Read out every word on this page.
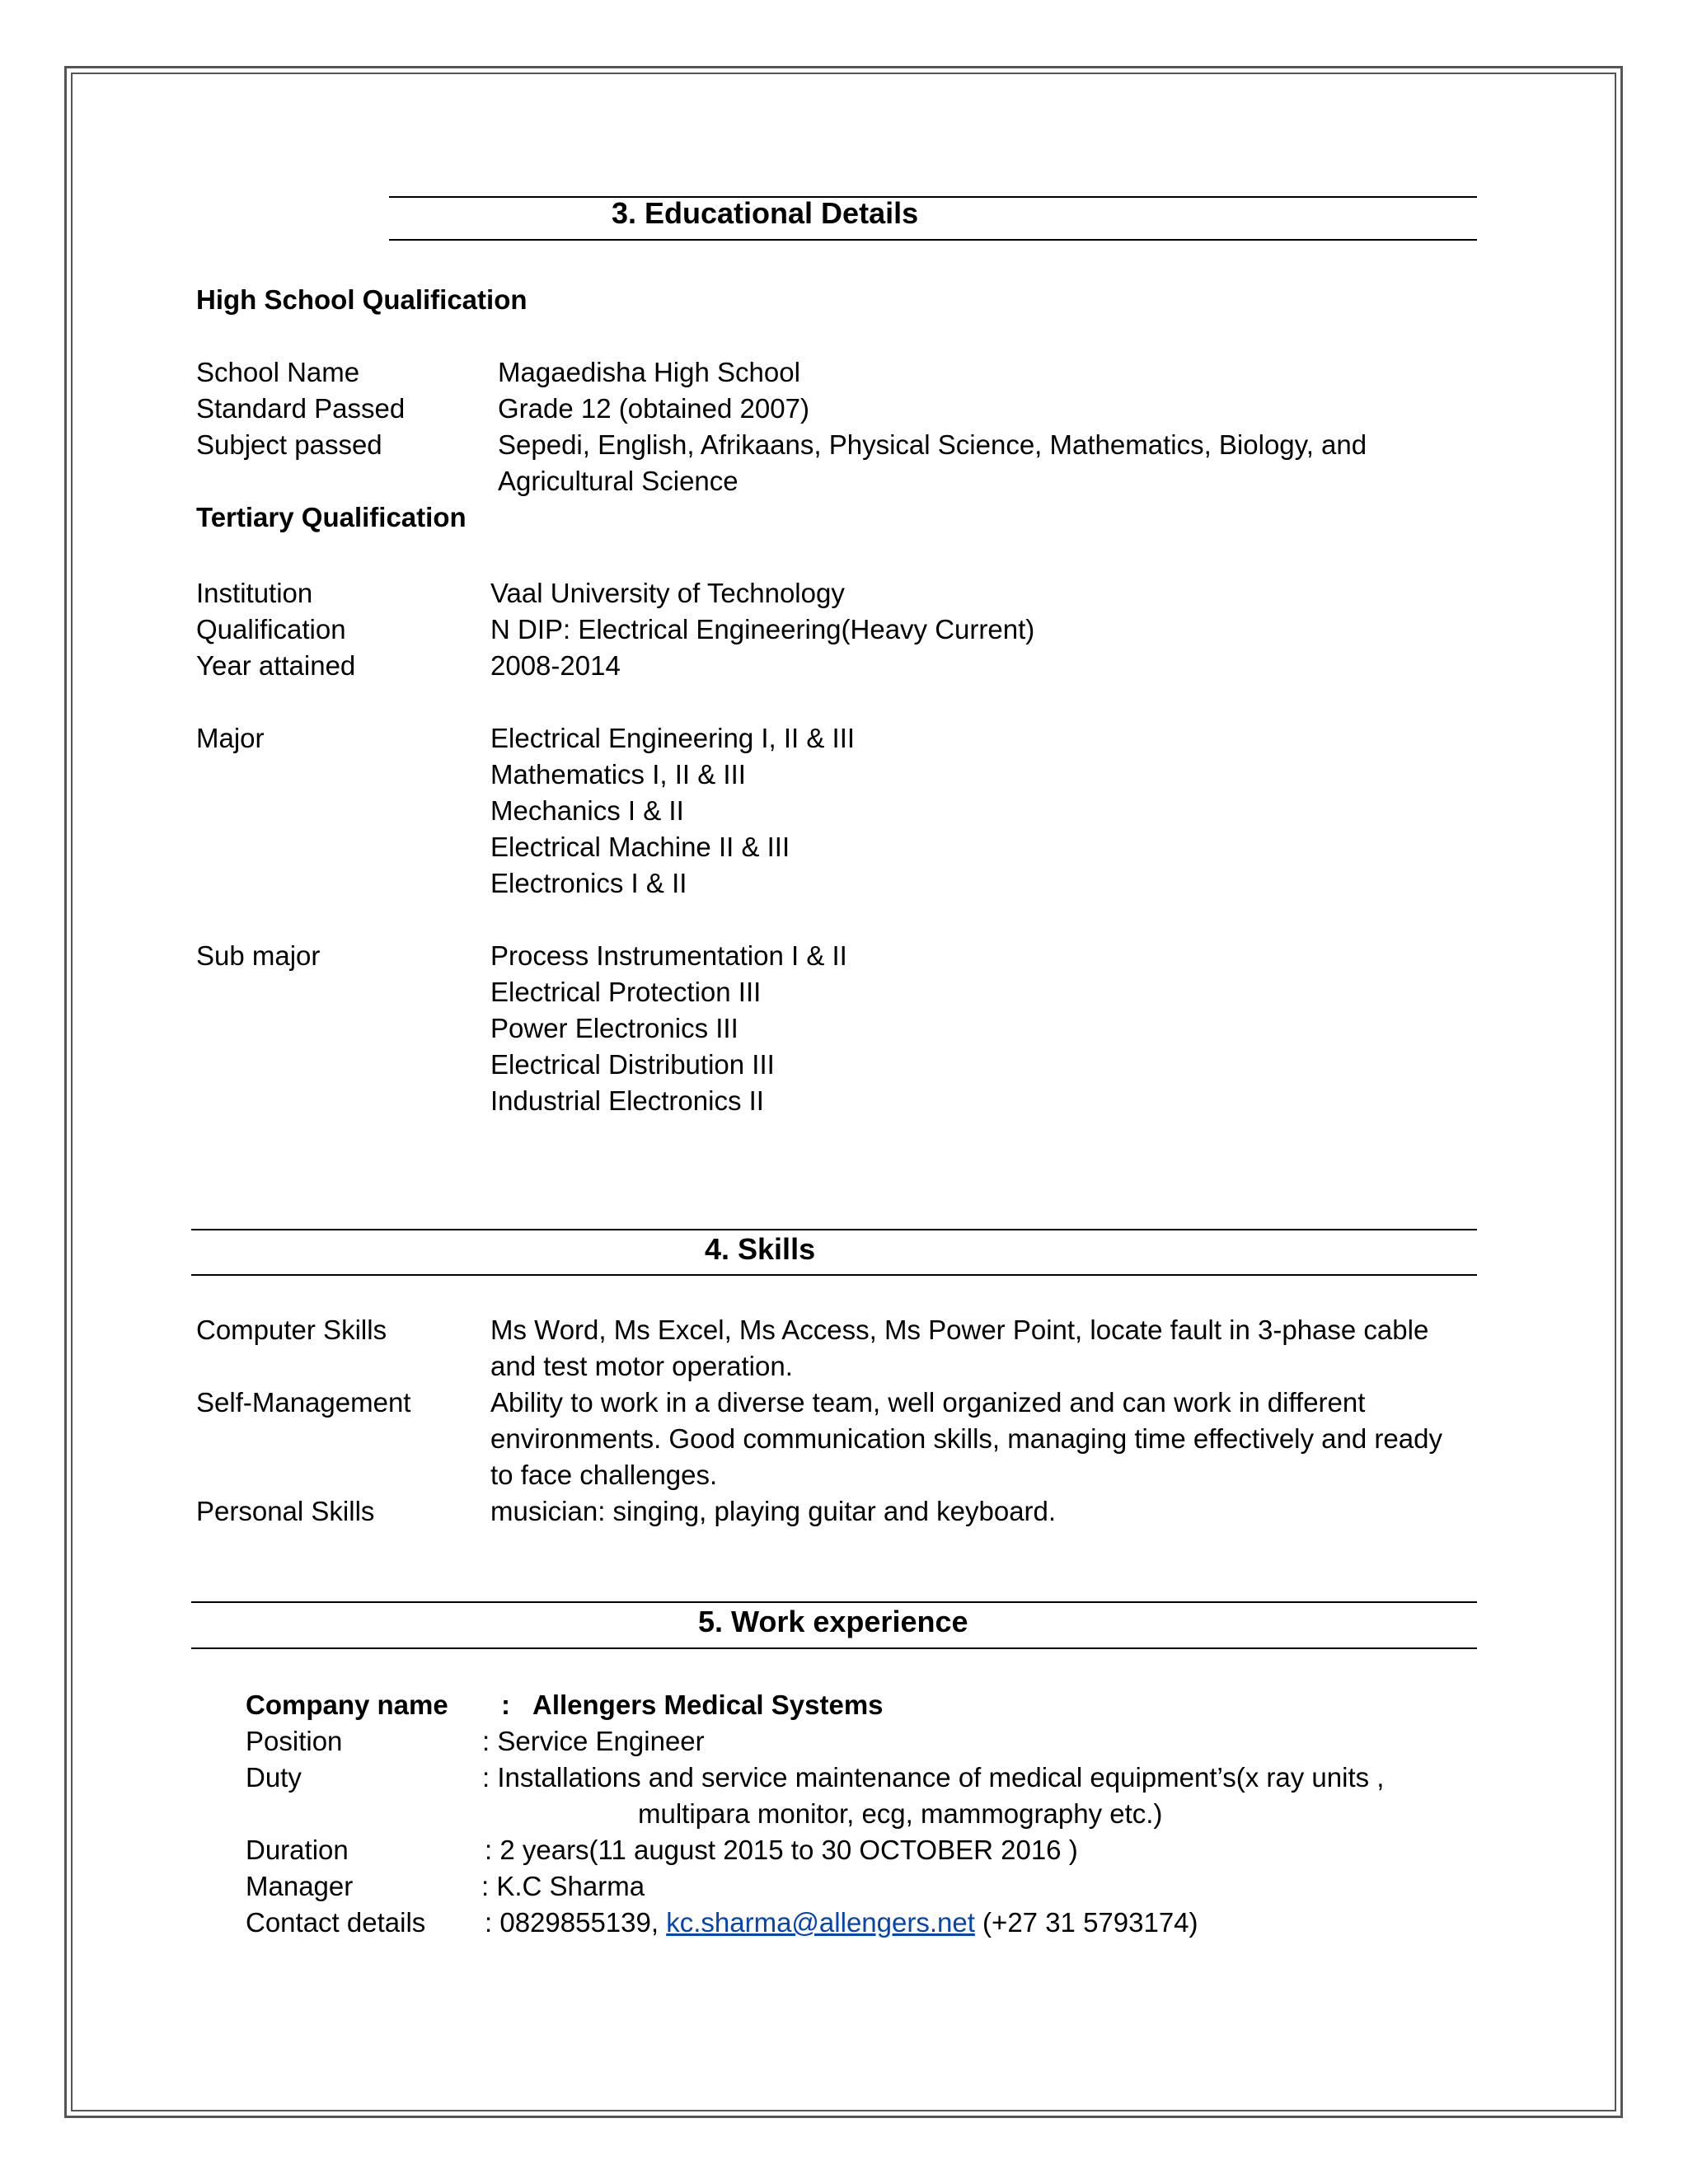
3. Educational Details
High School Qualification
School Name	Magaedisha High School
Standard Passed	Grade 12 (obtained 2007)
Subject passed	Sepedi, English, Afrikaans, Physical Science, Mathematics, Biology, and
Agricultural Science
Tertiary Qualification
Institution	Vaal University of Technology
Qualification	N DIP: Electrical Engineering(Heavy Current)
Year attained	2008-2014
Major	Electrical Engineering I, II & III
Mathematics I, II & III
Mechanics I & II
Electrical Machine II & III
Electronics I & II
Sub major	Process Instrumentation I & II
Electrical Protection III
Power Electronics III
Electrical Distribution III
Industrial Electronics II
4. Skills
Computer Skills	Ms Word, Ms Excel, Ms Access, Ms Power Point, locate fault in 3-phase cable
and test motor operation.
Self-Management	Ability to work in a diverse team, well organized and can work in different
environments. Good communication skills, managing time effectively and ready
to face challenges.
Personal Skills	musician: singing, playing guitar and keyboard.
5. Work experience
Company name : Allengers Medical Systems
Position	: Service Engineer
Duty	: Installations and service maintenance of medical equipment’s(x ray units ,
multipara monitor, ecg, mammography etc.)
Duration	: 2 years(11 august 2015 to 30 OCTOBER 2016 )
Manager	: K.C Sharma
Contact details : 0829855139, kc.sharma@allengers.net (+27 31 5793174)
